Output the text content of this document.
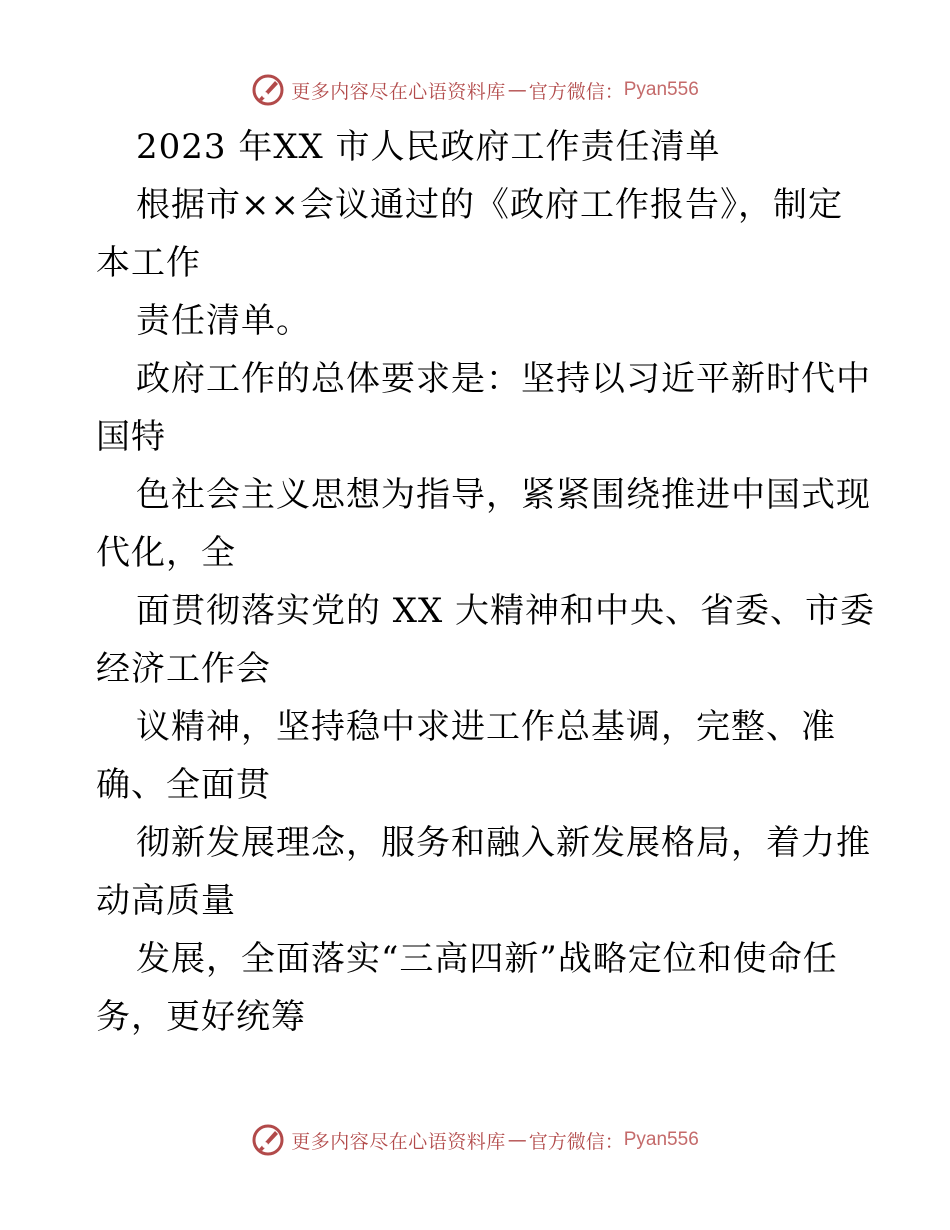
更多内容尽在心语资料库 — 官方微信： Pyan556
2023 年XX 市人民政府工作责任清单
根据市××会议通过的《政府工作报告》，制定
本工作
责任清单。
政府工作的总体要求是：坚持以习近平新时代中
国特
色社会主义思想为指导，紧紧围绕推进中国式现
代化，全
面贯彻落实党的 XX 大精神和中央、省委、市委
经济工作会
议精神，坚持稳中求进工作总基调，完整、准
确、全面贯
彻新发展理念，服务和融入新发展格局，着力推
动高质量
发展，全面落实“三高四新”战略定位和使命任
务，更好统筹
更多内容尽在心语资料库 — 官方微信： Pyan556
